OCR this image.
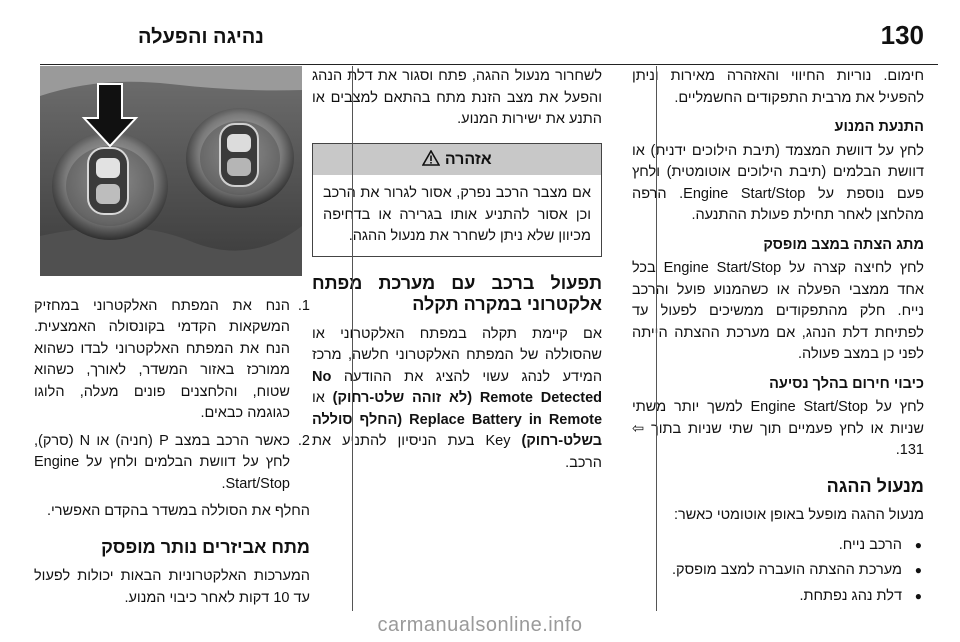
130
נהיגה והפעלה

חימום. נוריות החיווי והאזהרה מאירות וניתן להפעיל את מרבית התפקודים החשמליים.

התנעת המנוע

לחץ על דוושת המצמד (תיבת הילוכים ידנית) או דוושת הבלמים (תיבת הילוכים אוטומטית) ולחץ פעם נוספת על Engine Start/Stop. הרפה מהלחצן לאחר תחילת פעולת ההתנעה.

מתג הצתה במצב מופסק

לחץ לחיצה קצרה על Engine Start/Stop בכל אחד ממצבי הפעלה או כשהמנוע פועל והרכב נייח. חלק מהתפקודים ממשיכים לפעול עד לפתיחת דלת הנהג, אם מערכת ההצתה הייתה לפני כן במצב פעולה.

כיבוי חירום בהלך נסיעה

לחץ על Engine Start/Stop למשך יותר משתי שניות או לחץ פעמיים תוך שתי שניות בתוך ⇦ 131.

מנעול ההגה

מנעול ההגה מופעל באופן אוטומטי כאשר:

● הרכב נייח.
● מערכת ההצתה הועברה למצב מופסק.
● דלת נהג נפתחת.

לשחרור מנעול ההגה, פתח וסגור את דלת הנהג והפעל את מצב הזנת מתח בהתאם למצבים או התנע את ישירות המנוע.

אזהרה
אם מצבר הרכב נפרק, אסור לגרור את הרכב וכן אסור להתניע אותו בגרירה או בדחיפה מכיוון שלא ניתן לשחרר את מנעול ההגה.
תפעול ברכב עם מערכת מפתח אלקטרוני במקרה תקלה

אם קיימת תקלה במפתח האלקטרוני או שהסוללה של המפתח האלקטרוני חלשה, מרכז המידע לנהג עשוי להציג את ההודעה No Remote Detected (לא זוהה שלט-רחוק) או Replace Battery in Remote (החלף סוללה בשלט-רחוק) Key בעת הניסיון להתניע את הרכב.

1.
הנח את המפתח האלקטרוני במחזיק המשקאות הקדמי בקונסולה האמצעית. הנח את המפתח האלקטרוני לבדו כשהוא ממורכז באזור המשדר, לאורך, כשהוא שטוח, והלחצנים פונים מעלה, הלוגו כגוגמה כבאים.
2.
כאשר הרכב במצב P (חניה) או N (סרק), לחץ על דוושת הבלמים ולחץ על Engine Start/Stop.

החלף את הסוללה במשדר בהקדם האפשרי.

מתח אביזרים נותר מופסק

המערכות האלקטרוניות הבאות יכולות לפעול עד 10 דקות לאחר כיבוי המנוע.

carmanualsonline.info
